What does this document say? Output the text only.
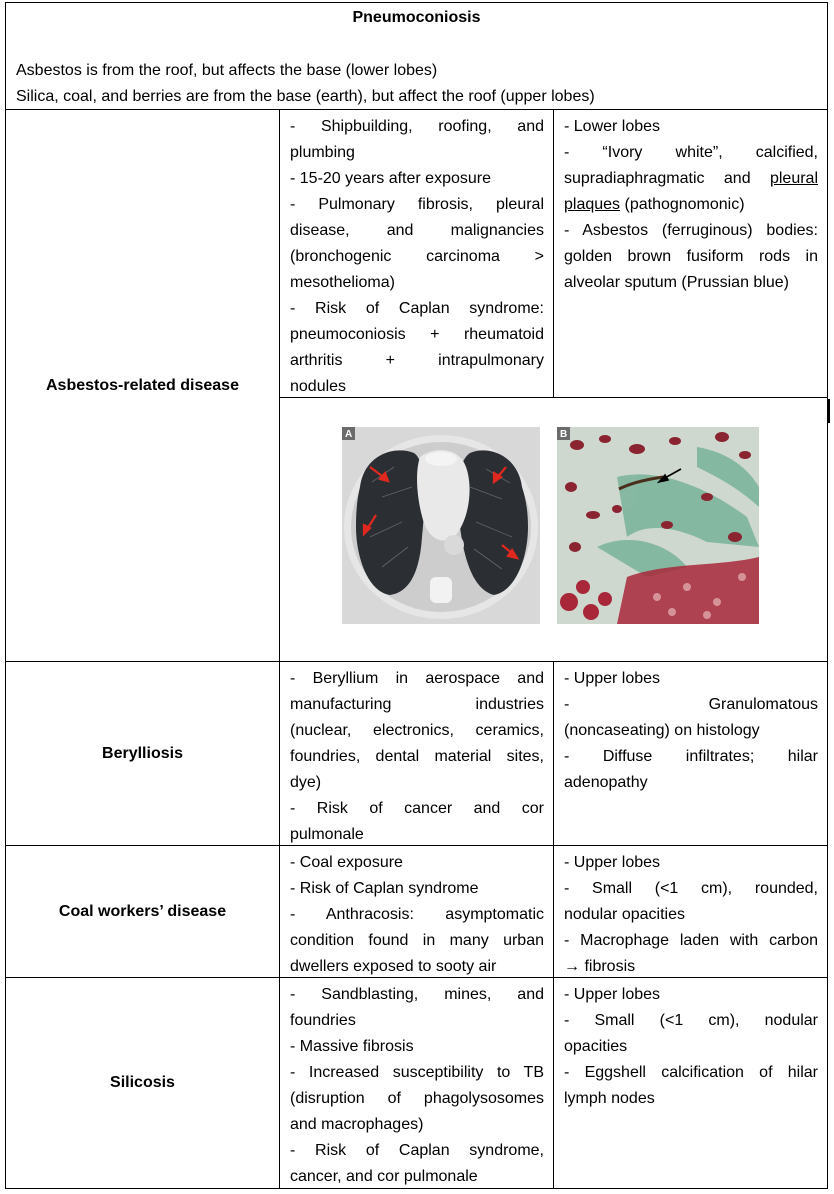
Pneumoconiosis
Asbestos is from the roof, but affects the base (lower lobes)
Silica, coal, and berries are from the base (earth), but affect the roof (upper lobes)
Asbestos-related disease
- Shipbuilding, roofing, and
plumbing
- 15-20 years after exposure
- Pulmonary fibrosis, pleural
disease, and malignancies
(bronchogenic carcinoma >
mesothelioma)
- Risk of Caplan syndrome:
pneumoconiosis + rheumatoid
arthritis + intrapulmonary
nodules
- Lower lobes
- “Ivory white”, calcified,
supradiaphragmatic and pleural
plaques (pathognomonic)
- Asbestos (ferruginous) bodies:
golden brown fusiform rods in
alveolar sputum (Prussian blue)
Berylliosis
- Beryllium in aerospace and
manufacturing industries
(nuclear, electronics, ceramics,
foundries, dental material sites,
dye)
- Risk of cancer and cor
pulmonale
- Upper lobes
- Granulomatous
(noncaseating) on histology
- Diffuse infiltrates; hilar
adenopathy
Coal workers’ disease
- Coal exposure
- Risk of Caplan syndrome
- Anthracosis: asymptomatic
condition found in many urban
dwellers exposed to sooty air
- Upper lobes
- Small (<1 cm), rounded,
nodular opacities
- Macrophage laden with carbon
→ fibrosis
Silicosis
- Sandblasting, mines, and
foundries
- Massive fibrosis
- Increased susceptibility to TB
(disruption of phagolysosomes
and macrophages)
- Risk of Caplan syndrome,
cancer, and cor pulmonale
- Upper lobes
- Small (<1 cm), nodular
opacities
- Eggshell calcification of hilar
lymph nodes
A	B
